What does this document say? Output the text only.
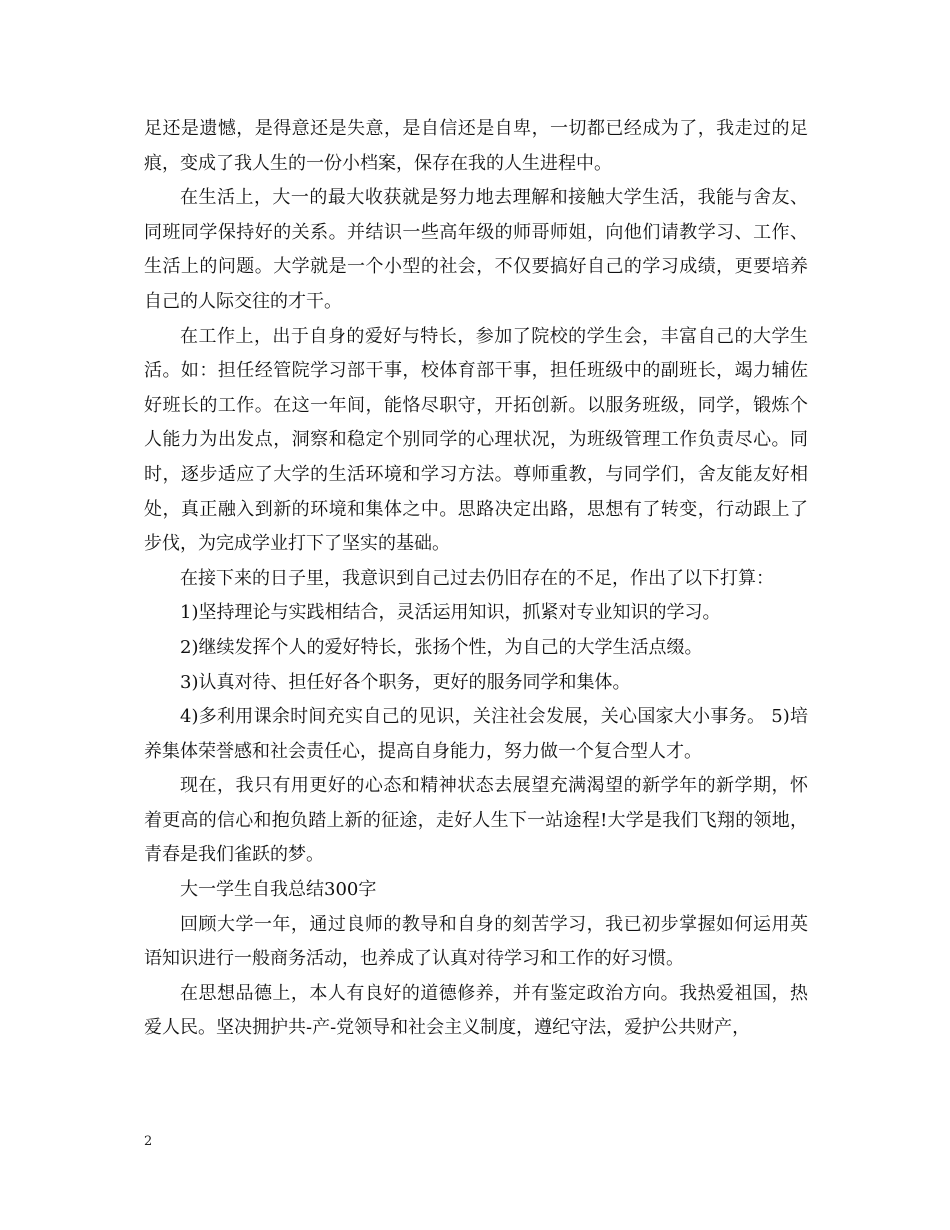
足还是遗憾，是得意还是失意，是自信还是自卑，一切都已经成为了，我走过的足痕，变成了我人生的一份小档案，保存在我的人生进程中。

在生活上，大一的最大收获就是努力地去理解和接触大学生活，我能与舍友、同班同学保持好的关系。并结识一些高年级的师哥师姐，向他们请教学习、工作、生活上的问题。大学就是一个小型的社会，不仅要搞好自己的学习成绩，更要培养自己的人际交往的才干。

在工作上，出于自身的爱好与特长，参加了院校的学生会，丰富自己的大学生活。如：担任经管院学习部干事，校体育部干事，担任班级中的副班长，竭力辅佐好班长的工作。在这一年间，能恪尽职守，开拓创新。以服务班级，同学，锻炼个人能力为出发点，洞察和稳定个别同学的心理状况，为班级管理工作负责尽心。同时，逐步适应了大学的生活环境和学习方法。尊师重教，与同学们，舍友能友好相处，真正融入到新的环境和集体之中。思路决定出路，思想有了转变，行动跟上了步伐，为完成学业打下了坚实的基础。

在接下来的日子里，我意识到自己过去仍旧存在的不足，作出了以下打算：

1)坚持理论与实践相结合，灵活运用知识，抓紧对专业知识的学习。

2)继续发挥个人的爱好特长，张扬个性，为自己的大学生活点缀。

3)认真对待、担任好各个职务，更好的服务同学和集体。

4)多利用课余时间充实自己的见识，关注社会发展，关心国家大小事务。 5)培养集体荣誉感和社会责任心，提高自身能力，努力做一个复合型人才。

现在，我只有用更好的心态和精神状态去展望充满渴望的新学年的新学期，怀着更高的信心和抱负踏上新的征途，走好人生下一站途程!大学是我们飞翔的领地，青春是我们雀跃的梦。

大一学生自我总结300字

回顾大学一年，通过良师的教导和自身的刻苦学习，我已初步掌握如何运用英语知识进行一般商务活动，也养成了认真对待学习和工作的好习惯。

在思想品德上，本人有良好的道德修养，并有鉴定政治方向。我热爱祖国，热爱人民。坚决拥护共-产-党领导和社会主义制度，遵纪守法，爱护公共财产，

2
